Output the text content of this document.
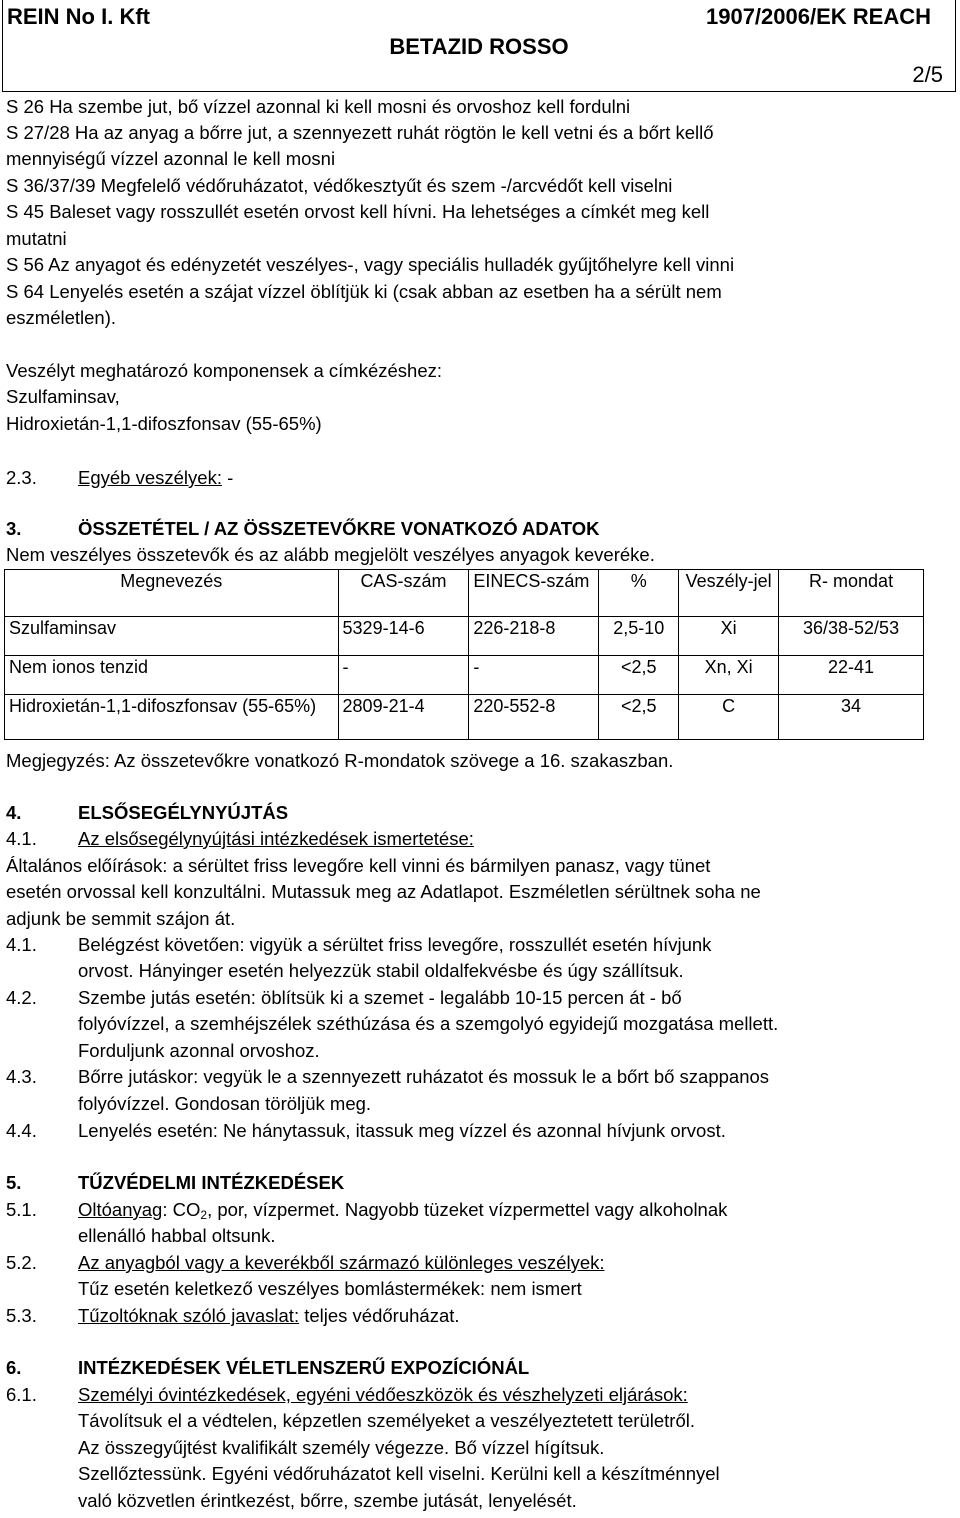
REIN No I. Kft	1907/2006/EK REACH
BETAZID ROSSO
2/5
S 26 Ha szembe jut, bő vízzel azonnal ki kell mosni és orvoshoz kell fordulni
S 27/28 Ha az anyag a bőrre jut, a szennyezett ruhát rögtön le kell vetni és a bőrt kellő
mennyiségű vízzel azonnal le kell mosni
S 36/37/39 Megfelelő védőruházatot, védőkesztyűt és szem -/arcvédőt kell viselni
S 45 Baleset vagy rosszullét esetén orvost kell hívni. Ha lehetséges a címkét meg kell
mutatni
S 56 Az anyagot és edényzetét veszélyes-, vagy speciális hulladék gyűjtőhelyre kell vinni
S 64 Lenyelés esetén a szájat vízzel öblítjük ki (csak abban az esetben ha a sérült nem
eszméletlen).
Veszélyt meghatározó komponensek a címkézéshez:
Szulfaminsav,
Hidroxietán-1,1-difoszfonsav (55-65%)
2.3. Egyéb veszélyek: -
3.	ÖSSZETÉTEL / AZ ÖSSZETEVŐKRE VONATKOZÓ ADATOK
Nem veszélyes összetevők és az alább megjelölt veszélyes anyagok keveréke.
Megnevezés	CAS-szám	EINECS-szám	%	Veszély-jel	R- mondat
Szulfaminsav	5329-14-6	226-218-8	2,5-10	Xi	36/38-52/53
Nem ionos tenzid	-	-	<2,5	Xn, Xi	22-41
Hidroxietán-1,1-difoszfonsav (55-65%)	2809-21-4	220-552-8	<2,5	C	34
Megjegyzés: Az összetevőkre vonatkozó R-mondatok szövege a 16. szakaszban.
4.	ELSŐSEGÉLYNYÚJTÁS
4.1. Az elsősegélynyújtási intézkedések ismertetése:
Általános előírások: a sérültet friss levegőre kell vinni és bármilyen panasz, vagy tünet
esetén orvossal kell konzultálni. Mutassuk meg az Adatlapot. Eszméletlen sérültnek soha ne
adjunk be semmit szájon át.
4.1. Belégzést követően: vigyük a sérültet friss levegőre, rosszullét esetén hívjunk
orvost. Hányinger esetén helyezzük stabil oldalfekvésbe és úgy szállítsuk.
4.2. Szembe jutás esetén: öblítsük ki a szemet - legalább 10-15 percen át - bő
folyóvízzel, a szemhéjszélek széthúzása és a szemgolyó egyidejű mozgatása mellett.
Forduljunk azonnal orvoshoz.
4.3. Bőrre jutáskor: vegyük le a szennyezett ruházatot és mossuk le a bőrt bő szappanos
folyóvízzel. Gondosan töröljük meg.
4.4. Lenyelés esetén: Ne hánytassuk, itassuk meg vízzel és azonnal hívjunk orvost.
5.	TŰZVÉDELMI INTÉZKEDÉSEK
5.1. Oltóanyag: $CO_2$, por, vízpermet. Nagyobb tüzeket vízpermettel vagy alkoholnak
ellenálló habbal oltsunk.
5.2. Az anyagból vagy a keverékből származó különleges veszélyek:
Tűz esetén keletkező veszélyes bomlástermékek: nem ismert
5.3. Tűzoltóknak szóló javaslat: teljes védőruházat.
6.	INTÉZKEDÉSEK VÉLETLENSZERŰ EXPOZÍCIÓNÁL
6.1. Személyi óvintézkedések, egyéni védőeszközök és vészhelyzeti eljárások:
Távolítsuk el a védtelen, képzetlen személyeket a veszélyeztetett területről.
Az összegyűjtést kvalifikált személy végezze. Bő vízzel hígítsuk.
Szellőztessünk. Egyéni védőruházatot kell viselni. Kerülni kell a készítménnyel
való közvetlen érintkezést, bőrre, szembe jutását, lenyelését.
